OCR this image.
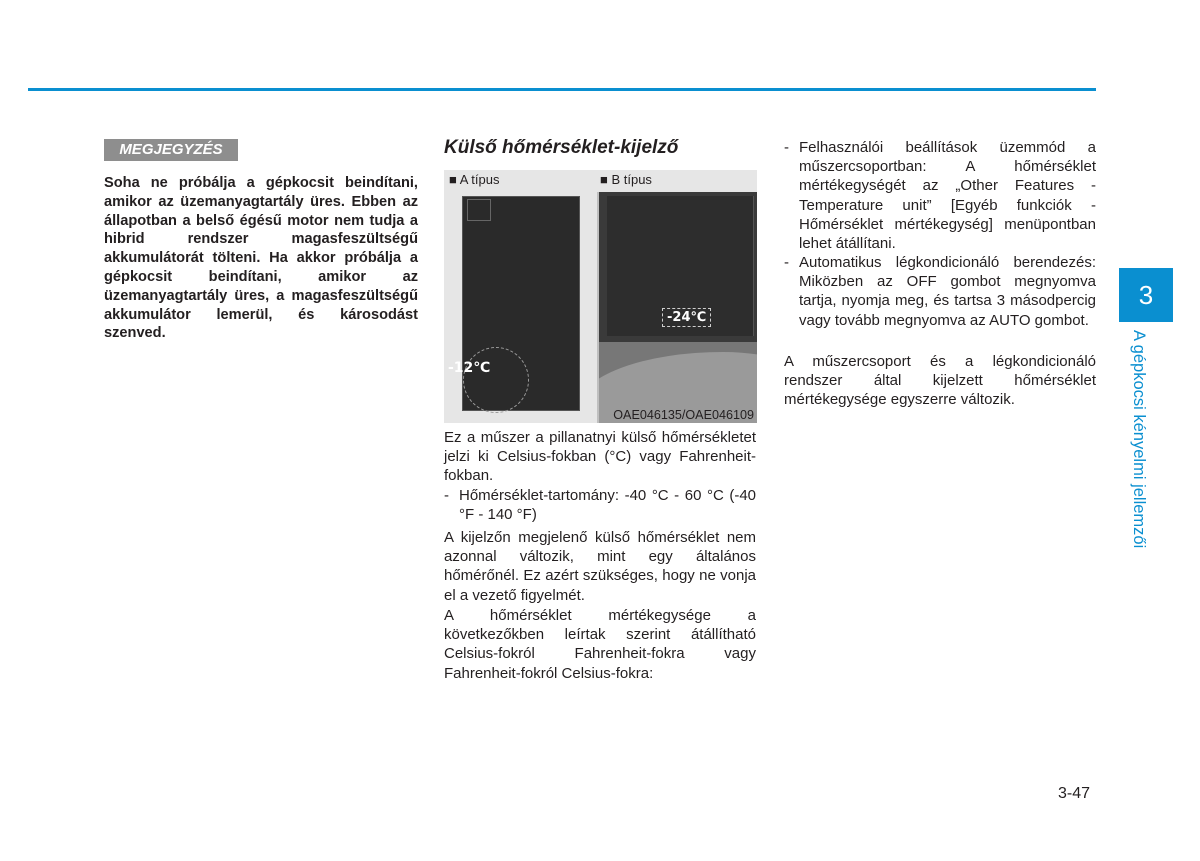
MEGJEGYZÉS
Soha ne próbálja a gépkocsit beindítani, amikor az üzemanyagtartály üres. Ebben az állapotban a belső égésű motor nem tudja a hibrid rendszer magasfeszültségű akkumulátorát tölteni. Ha akkor próbálja a gépkocsit beindítani, amikor az üzemanyagtartály üres, a magasfeszültségű akkumulátor lemerül, és károsodást szenved.
Külső hőmérséklet-kijelző
■ A típus	■ B típus
-12℃
-24℃
OAE046135/OAE046109
Ez a műszer a pillanatnyi külső hőmérsékletet jelzi ki Celsius-fokban (°C) vagy Fahrenheit-fokban.
- Hőmérséklet-tartomány: -40 °C - 60 °C (-40 °F - 140 °F)
A kijelzőn megjelenő külső hőmérséklet nem azonnal változik, mint egy általános hőmérőnél. Ez azért szükséges, hogy ne vonja el a vezető figyelmét.
A hőmérséklet mértékegysége a következőkben leírtak szerint átállítható Celsius-fokról Fahrenheit-fokra vagy Fahrenheit-fokról Celsius-fokra:
- Felhasználói beállítások üzemmód a műszercsoportban: A hőmérséklet mértékegységét az „Other Features - Temperature unit” [Egyéb funkciók - Hőmérséklet mértékegység] menüpontban lehet átállítani.
- Automatikus légkondicionáló berendezés: Miközben az OFF gombot megnyomva tartja, nyomja meg, és tartsa 3 másodpercig vagy tovább megnyomva az AUTO gombot.
A műszercsoport és a légkondicionáló rendszer által kijelzett hőmérséklet mértékegysége egyszerre változik.
3
A gépkocsi kényelmi jellemzői
3-47
